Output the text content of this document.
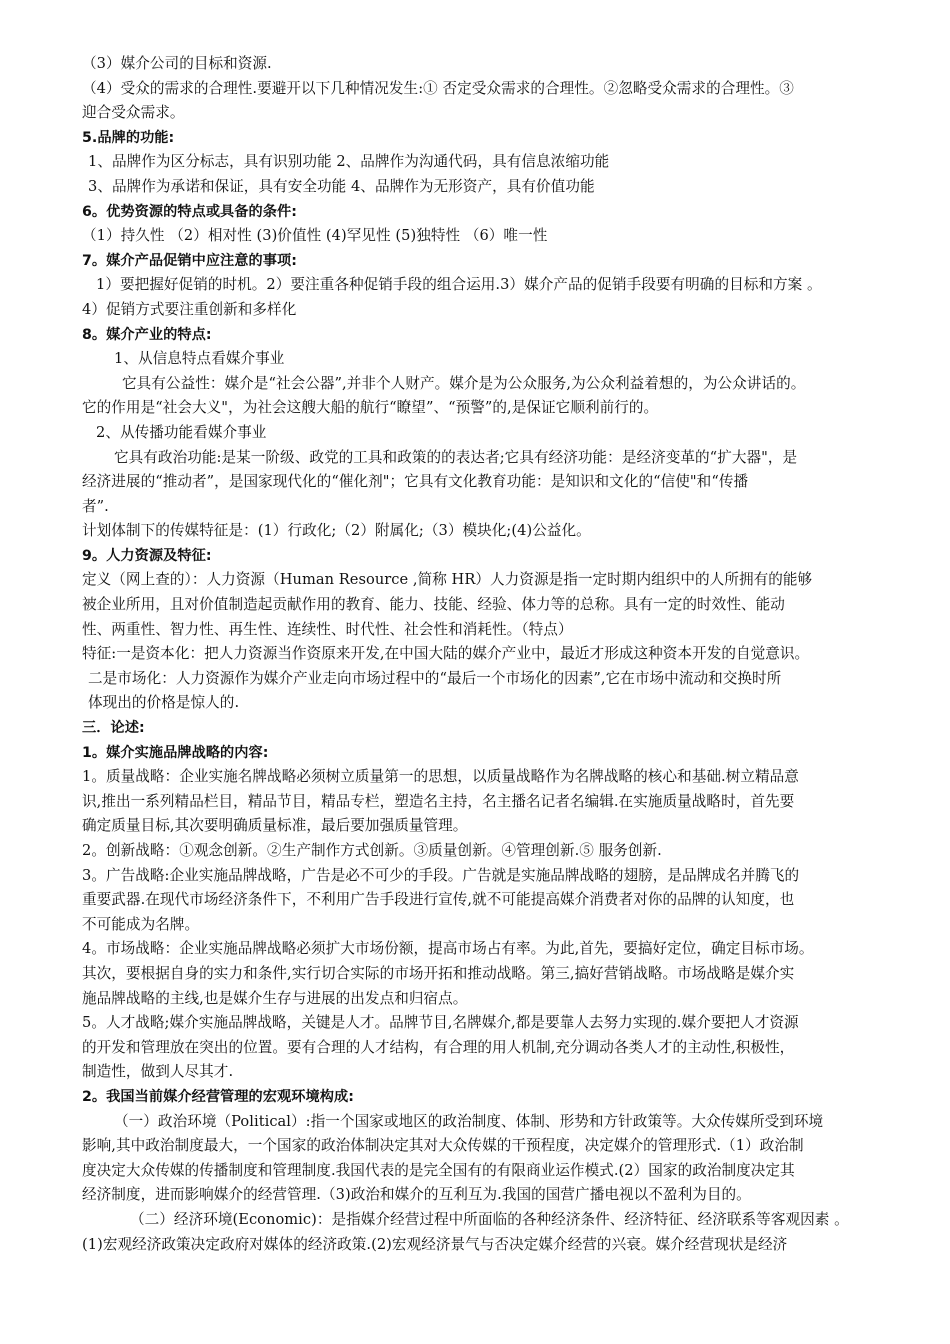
（3）媒介公司的目标和资源.
（4）受众的需求的合理性.要避开以下几种情况发生:① 否定受众需求的合理性。②忽略受众需求的合理性。③
迎合受众需求。
5.品牌的功能:
1、品牌作为区分标志，具有识别功能 2、品牌作为沟通代码，具有信息浓缩功能
3、品牌作为承诺和保证，具有安全功能 4、品牌作为无形资产，具有价值功能
6。优势资源的特点或具备的条件:
（1）持久性 （2）相对性 (3)价值性 (4)罕见性 (5)独特性 （6）唯一性
7。媒介产品促销中应注意的事项:
1）要把握好促销的时机。2）要注重各种促销手段的组合运用.3）媒介产品的促销手段要有明确的目标和方案 。
4）促销方式要注重创新和多样化
8。媒介产业的特点:
1、从信息特点看媒介事业
它具有公益性：媒介是“社会公器”,并非个人财产。媒介是为公众服务,为公众利益着想的，为公众讲话的。
它的作用是“社会大义"，为社会这艘大船的航行“瞭望”、“预警”的,是保证它顺利前行的。
2、从传播功能看媒介事业
它具有政治功能:是某一阶级、政党的工具和政策的的表达者;它具有经济功能：是经济变革的“扩大器"，是
经济进展的“推动者”，是国家现代化的“催化剂"；它具有文化教育功能：是知识和文化的“信使"和“传播
者”.
计划体制下的传媒特征是：(1）行政化;（2）附属化;（3）模块化;(4)公益化。
9。人力资源及特征:
定义（网上查的）：人力资源（Human Resource ,简称 HR）人力资源是指一定时期内组织中的人所拥有的能够
被企业所用，且对价值制造起贡献作用的教育、能力、技能、经验、体力等的总称。具有一定的时效性、能动
性、两重性、智力性、再生性、连续性、时代性、社会性和消耗性。（特点）
特征:一是资本化：把人力资源当作资原来开发,在中国大陆的媒介产业中，最近才形成这种资本开发的自觉意识。
二是市场化：人力资源作为媒介产业走向市场过程中的“最后一个市场化的因素”,它在市场中流动和交换时所
体现出的价格是惊人的.
三．论述:
1。媒介实施品牌战略的内容:
1。质量战略：企业实施名牌战略必须树立质量第一的思想，以质量战略作为名牌战略的核心和基础.树立精品意
识,推出一系列精品栏目，精品节目，精品专栏，塑造名主持，名主播名记者名编辑.在实施质量战略时，首先要
确定质量目标,其次要明确质量标准，最后要加强质量管理。
2。创新战略：①观念创新。②生产制作方式创新。③质量创新。④管理创新.⑤ 服务创新.
3。广告战略:企业实施品牌战略，广告是必不可少的手段。广告就是实施品牌战略的翅膀，是品牌成名并腾飞的
重要武器.在现代市场经济条件下，不利用广告手段进行宣传,就不可能提高媒介消费者对你的品牌的认知度，也
不可能成为名牌。
4。市场战略：企业实施品牌战略必须扩大市场份额，提高市场占有率。为此,首先，要搞好定位，确定目标市场。
其次，要根据自身的实力和条件,实行切合实际的市场开拓和推动战略。第三,搞好营销战略。市场战略是媒介实
施品牌战略的主线,也是媒介生存与进展的出发点和归宿点。
5。人才战略;媒介实施品牌战略，关键是人才。品牌节目,名牌媒介,都是要靠人去努力实现的.媒介要把人才资源
的开发和管理放在突出的位置。要有合理的人才结构，有合理的用人机制,充分调动各类人才的主动性,积极性，
制造性，做到人尽其才.
2。我国当前媒介经营管理的宏观环境构成:
（一）政治环境（Political）:指一个国家或地区的政治制度、体制、形势和方针政策等。大众传媒所受到环境
影响,其中政治制度最大，一个国家的政治体制决定其对大众传媒的干预程度，决定媒介的管理形式.（1）政治制
度决定大众传媒的传播制度和管理制度.我国代表的是完全国有的有限商业运作模式.(2）国家的政治制度决定其
经济制度，进而影响媒介的经营管理.（3)政治和媒介的互利互为.我国的国营广播电视以不盈利为目的。
（二）经济环境(Economic)：是指媒介经营过程中所面临的各种经济条件、经济特征、经济联系等客观因素 。
(1)宏观经济政策决定政府对媒体的经济政策.(2)宏观经济景气与否决定媒介经营的兴衰。媒介经营现状是经济
